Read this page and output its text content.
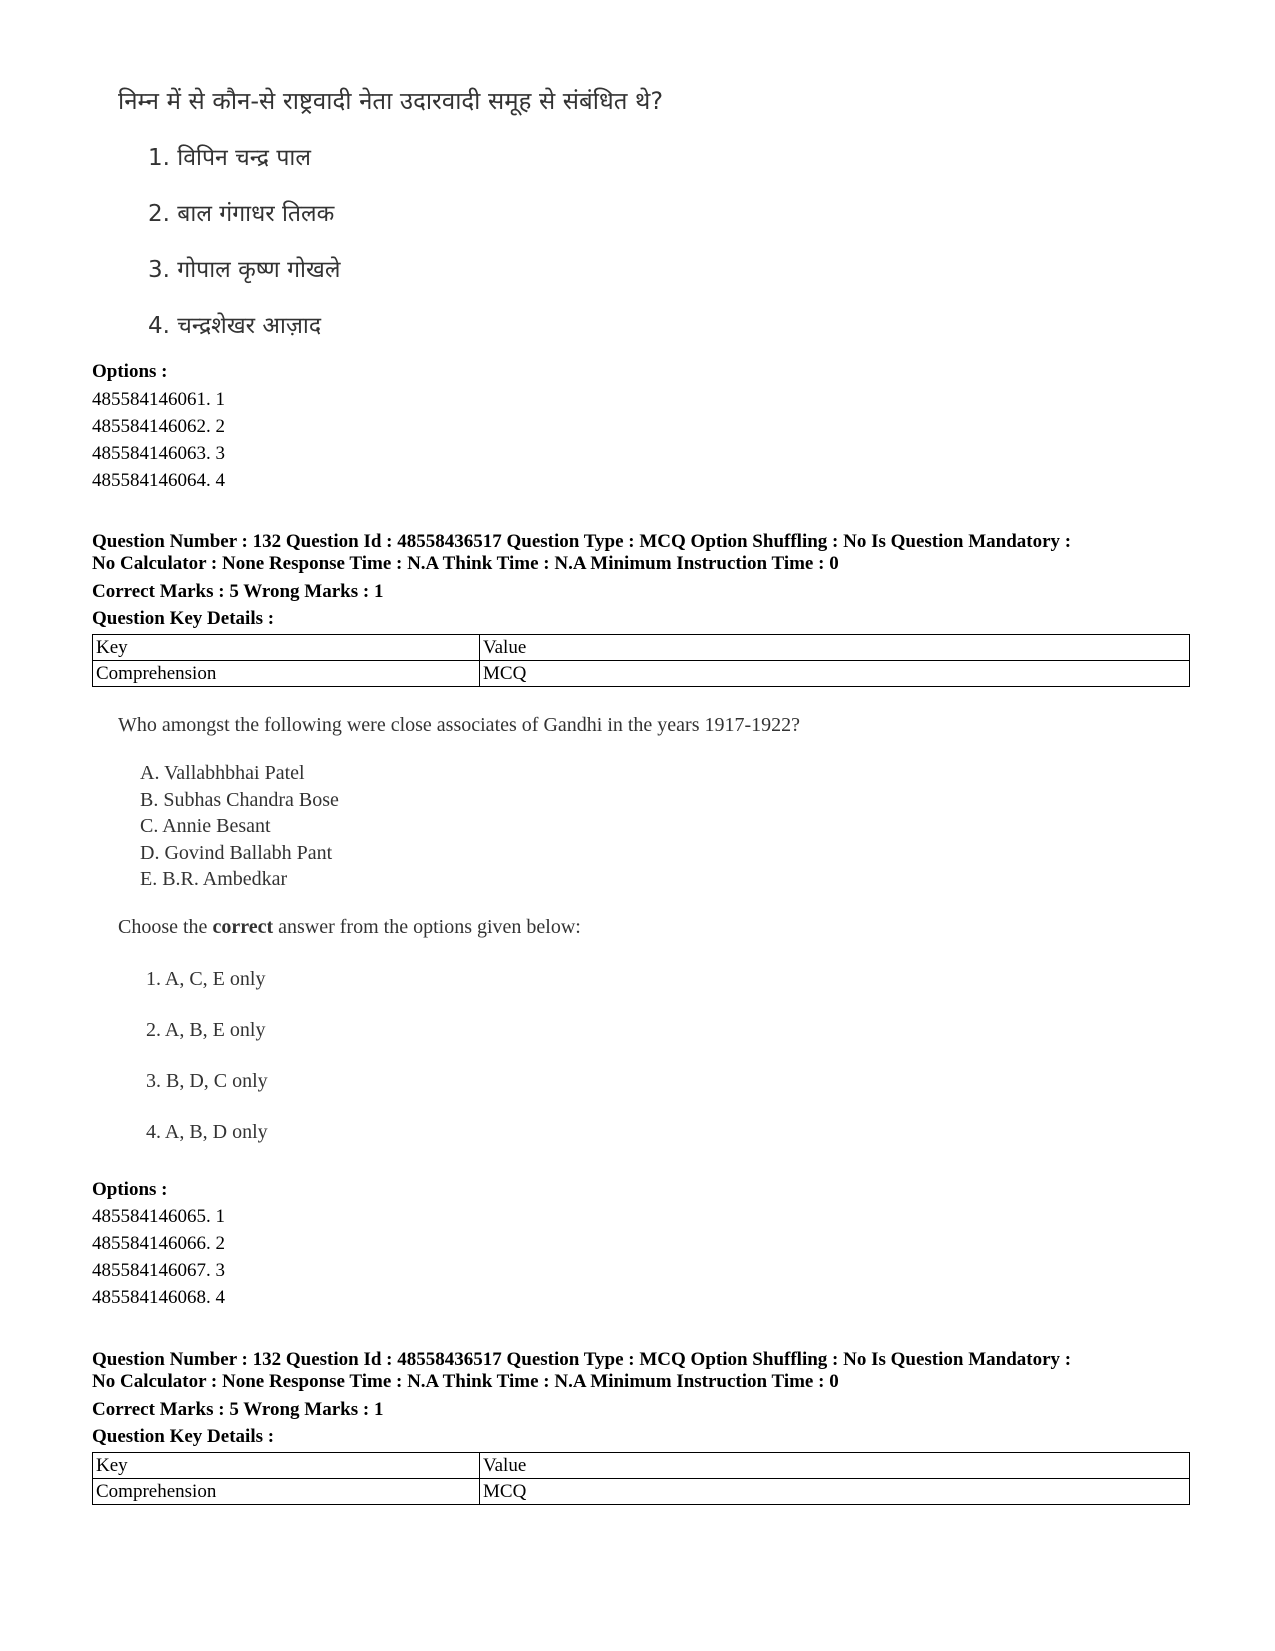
निम्न में से कौन-से राष्ट्रवादी नेता उदारवादी समूह से संबंधित थे?
1. विपिन चन्द्र पाल
2. बाल गंगाधर तिलक
3. गोपाल कृष्ण गोखले
4. चन्द्रशेखर आज़ाद
Options :
485584146061. 1
485584146062. 2
485584146063. 3
485584146064. 4
Question Number : 132 Question Id : 48558436517 Question Type : MCQ Option Shuffling : No Is Question Mandatory :
No Calculator : None Response Time : N.A Think Time : N.A Minimum Instruction Time : 0
Correct Marks : 5 Wrong Marks : 1
Question Key Details :
Key	Value
Comprehension	MCQ
Who amongst the following were close associates of Gandhi in the years 1917-1922?
A. Vallabhbhai Patel
B. Subhas Chandra Bose
C. Annie Besant
D. Govind Ballabh Pant
E. B.R. Ambedkar
Choose the correct answer from the options given below:
1. A, C, E only
2. A, B, E only
3. B, D, C only
4. A, B, D only
Options :
485584146065. 1
485584146066. 2
485584146067. 3
485584146068. 4
Question Number : 132 Question Id : 48558436517 Question Type : MCQ Option Shuffling : No Is Question Mandatory :
No Calculator : None Response Time : N.A Think Time : N.A Minimum Instruction Time : 0
Correct Marks : 5 Wrong Marks : 1
Question Key Details :
Key	Value
Comprehension	MCQ
